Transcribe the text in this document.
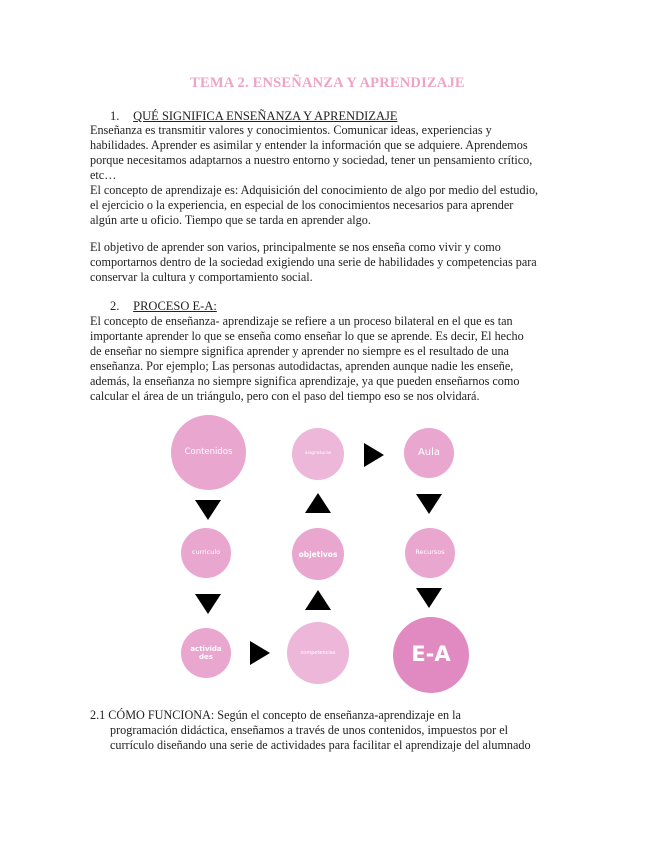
TEMA 2. ENSEÑANZA Y APRENDIZAJE
1. QUÉ SIGNIFICA ENSEÑANZA Y APRENDIZAJE

Enseñanza es transmitir valores y conocimientos. Comunicar ideas, experiencias y
habilidades. Aprender es asimilar y entender la información que se adquiere. Aprendemos
porque necesitamos adaptarnos a nuestro entorno y sociedad, tener un pensamiento crítico,
etc…
El concepto de aprendizaje es: Adquisición del conocimiento de algo por medio del estudio,
el ejercicio o la experiencia, en especial de los conocimientos necesarios para aprender
algún arte u oficio. Tiempo que se tarda en aprender algo.

El objetivo de aprender son varios, principalmente se nos enseña como vivir y como
comportarnos dentro de la sociedad exigiendo una serie de habilidades y competencias para
conservar la cultura y comportamiento social.

2. PROCESO E-A:

El concepto de enseñanza- aprendizaje se refiere a un proceso bilateral en el que es tan
importante aprender lo que se enseña como enseñar lo que se aprende. Es decir, El hecho
de enseñar no siempre significa aprender y aprender no siempre es el resultado de una
enseñanza. Por ejemplo; Las personas autodidactas, aprenden aunque nadie les enseñe,
además, la enseñanza no siempre significa aprendizaje, ya que pueden enseñarnos como
calcular el área de un triángulo, pero con el paso del tiempo eso se nos olvidará.

Contenidos	asignaturas	Aula
curriculo	objetivos	Recursos
activida
des	competencias	E-A
2.1 CÓMO FUNCIONA: Según el concepto de enseñanza-aprendizaje en la
programación didáctica, enseñamos a través de unos contenidos, impuestos por el
currículo diseñando una serie de actividades para facilitar el aprendizaje del alumnado
